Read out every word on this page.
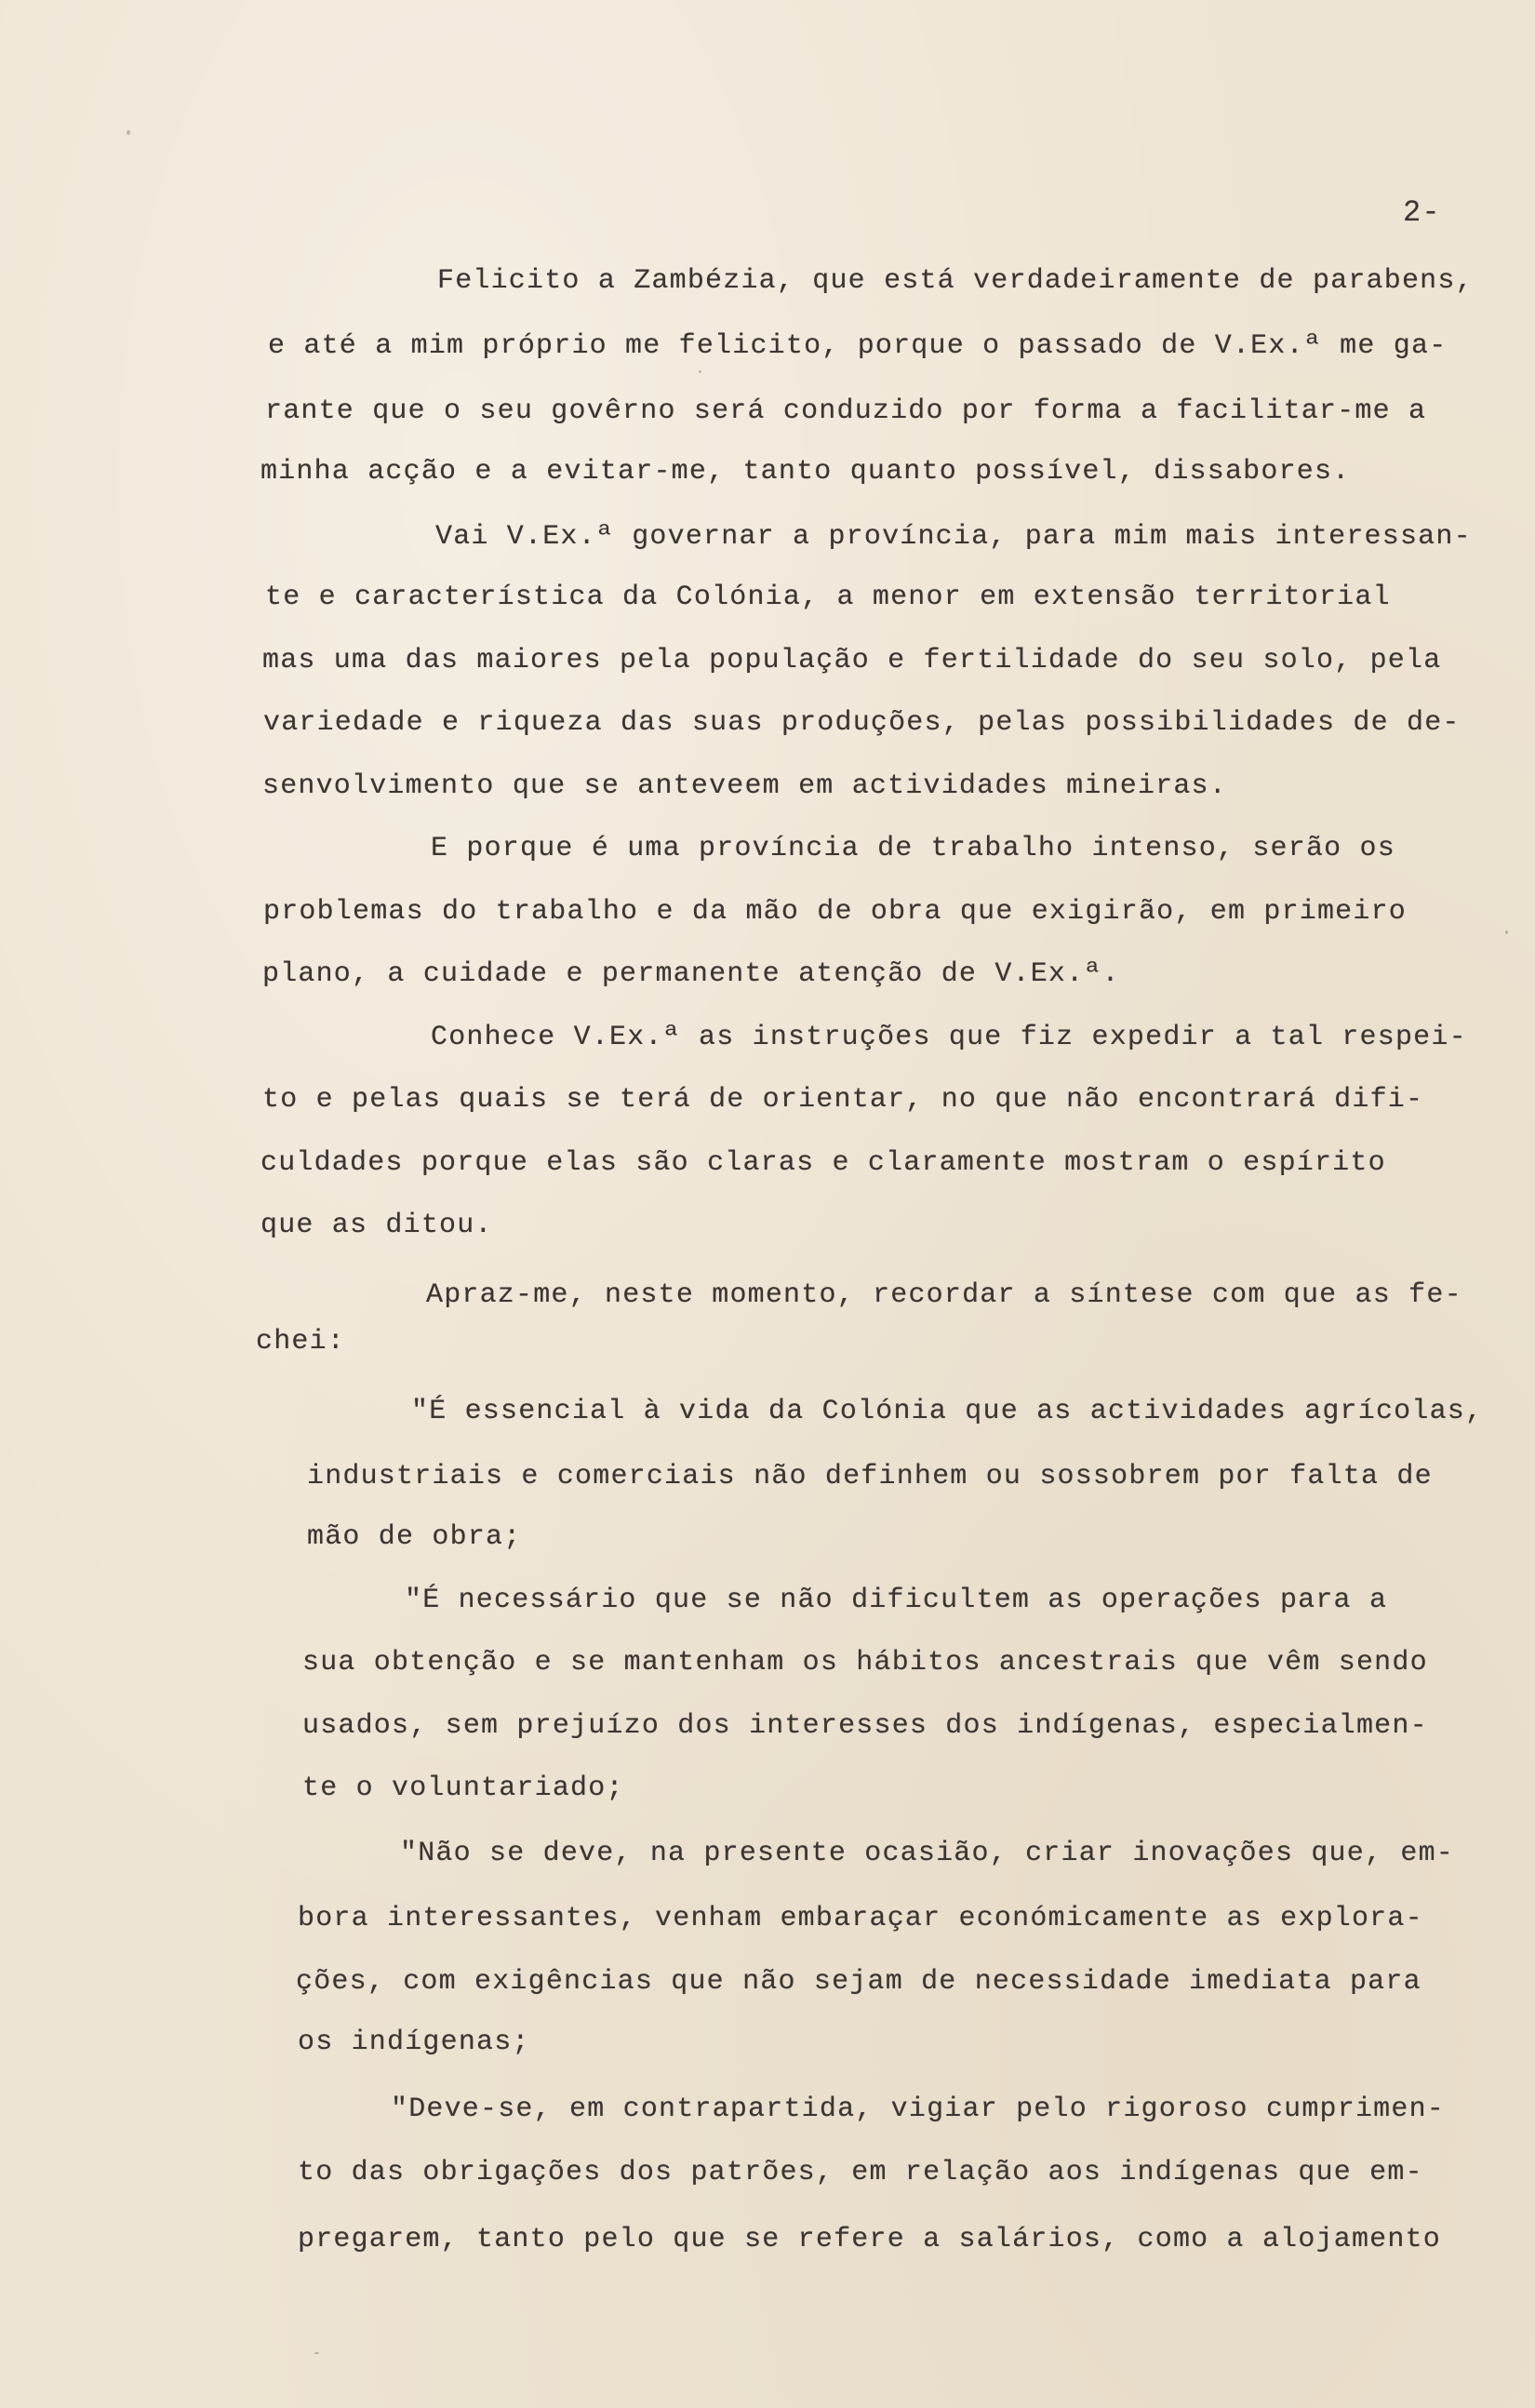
2-

Felicito a Zambézia, que está verdadeiramente de parabens,

e até a mim próprio me felicito, porque o passado de V.Ex.ª me ga-

rante que o seu govêrno será conduzido por forma a facilitar-me a

minha acção e a evitar-me, tanto quanto possível, dissabores.

Vai V.Ex.ª governar a província, para mim mais interessan-

te e característica da Colónia, a menor em extensão territorial

mas uma das maiores pela população e fertilidade do seu solo, pela

variedade e riqueza das suas produções, pelas possibilidades de de-

senvolvimento que se anteveem em actividades mineiras.

E porque é uma província de trabalho intenso, serão os

problemas do trabalho e da mão de obra que exigirão, em primeiro

plano, a cuidade e permanente atenção de V.Ex.ª.

Conhece V.Ex.ª as instruções que fiz expedir a tal respei-

to e pelas quais se terá de orientar, no que não encontrará difi-

culdades porque elas são claras e claramente mostram o espírito

que as ditou.

Apraz-me, neste momento, recordar a síntese com que as fe-

chei:

"É essencial à vida da Colónia que as actividades agrícolas,

industriais e comerciais não definhem ou sossobrem por falta de

mão de obra;

"É necessário que se não dificultem as operações para a

sua obtenção e se mantenham os hábitos ancestrais que vêm sendo

usados, sem prejuízo dos interesses dos indígenas, especialmen-

te o voluntariado;

"Não se deve, na presente ocasião, criar inovações que, em-

bora interessantes, venham embaraçar económicamente as explora-

ções, com exigências que não sejam de necessidade imediata para

os indígenas;

"Deve-se, em contrapartida, vigiar pelo rigoroso cumprimen-

to das obrigações dos patrões, em relação aos indígenas que em-

pregarem, tanto pelo que se refere a salários, como a alojamento
